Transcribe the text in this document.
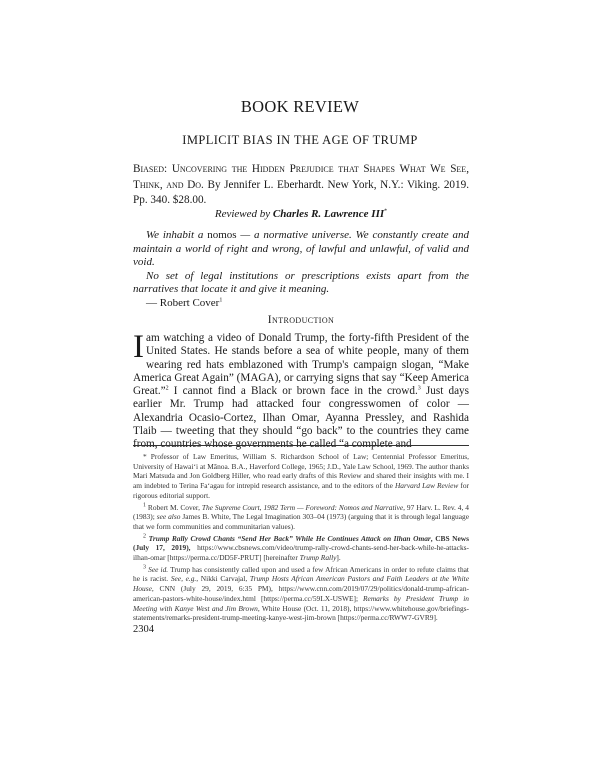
BOOK REVIEW
IMPLICIT BIAS IN THE AGE OF TRUMP
Biased: Uncovering the Hidden Prejudice that Shapes What We See, Think, and Do. By Jennifer L. Eberhardt. New York, N.Y.: Viking. 2019. Pp. 340. $28.00.
Reviewed by Charles R. Lawrence III*

We inhabit a nomos — a normative universe. We constantly create and maintain a world of right and wrong, of lawful and unlawful, of valid and void.

No set of legal institutions or prescriptions exists apart from the narratives that locate it and give it meaning.

— Robert Cover$^1$

Introduction
Iam watching a video of Donald Trump, the forty-fifth President of the United States. He stands before a sea of white people, many of them wearing red hats emblazoned with Trump's campaign slogan, “Make America Great Again” (MAGA), or carrying signs that say “Keep America Great.”$^2$ I cannot find a Black or brown face in the crowd.$^3$ Just days earlier Mr. Trump had attacked four congresswomen of color — Alexandria Ocasio-Cortez, Ilhan Omar, Ayanna Pressley, and Rashida Tlaib — tweeting that they should “go back” to the countries they came from, countries whose governments he called “a complete and

* Professor of Law Emeritus, William S. Richardson School of Law; Centennial Professor Emeritus, University of Hawai‘i at Mānoa. B.A., Haverford College, 1965; J.D., Yale Law School, 1969. The author thanks Mari Matsuda and Jon Goldberg Hiller, who read early drafts of this Review and shared their insights with me. I am indebted to Terina Fa‘agau for intrepid research assistance, and to the editors of the Harvard Law Review for rigorous editorial support.

$^1$ Robert M. Cover, The Supreme Court, 1982 Term — Foreword: Nomos and Narrative, 97 Harv. L. Rev. 4, 4 (1983); see also James B. White, The Legal Imagination 303–04 (1973) (arguing that it is through legal language that we form communities and communitarian values).

$^2$ Trump Rally Crowd Chants “Send Her Back” While He Continues Attack on Ilhan Omar, CBS News (July 17, 2019), https://www.cbsnews.com/video/trump-rally-crowd-chants-send-her-back-while-he-attacks-ilhan-omar [https://perma.cc/DD5F-PRUT] [hereinafter Trump Rally].

$^3$ See id. Trump has consistently called upon and used a few African Americans in order to refute claims that he is racist. See, e.g., Nikki Carvajal, Trump Hosts African American Pastors and Faith Leaders at the White House, CNN (July 29, 2019, 6:35 PM), https://www.cnn.com/2019/07/29/politics/donald-trump-african-american-pastors-white-house/index.html [https://perma.cc/59LX-USWE]; Remarks by President Trump in Meeting with Kanye West and Jim Brown, White House (Oct. 11, 2018), https://www.whitehouse.gov/briefings-statements/remarks-president-trump-meeting-kanye-west-jim-brown [https://perma.cc/RWW7-GVR9].

2304
